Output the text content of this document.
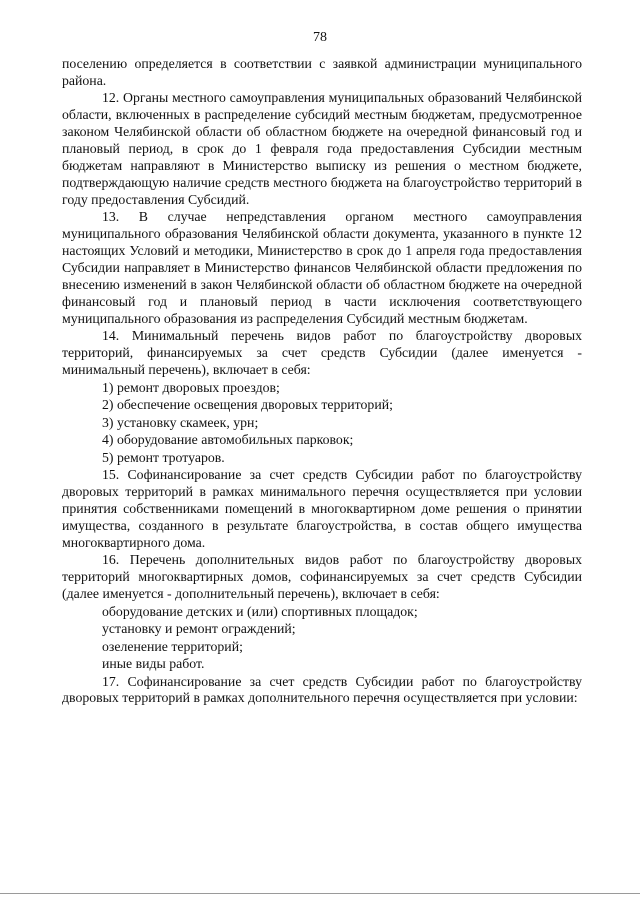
78

поселению определяется в соответствии с заявкой администрации муниципального района.

12. Органы местного самоуправления муниципальных образований Челябинской области, включенных в распределение субсидий местным бюджетам, предусмотренное законом Челябинской области об областном бюджете на очередной финансовый год и плановый период, в срок до 1 февраля года предоставления Субсидии местным бюджетам направляют в Министерство выписку из решения о местном бюджете, подтверждающую наличие средств местного бюджета на благоустройство территорий в году предоставления Субсидий.

13. В случае непредставления органом местного самоуправления муниципального образования Челябинской области документа, указанного в пункте 12 настоящих Условий и методики, Министерство в срок до 1 апреля года предоставления Субсидии направляет в Министерство финансов Челябинской области предложения по внесению изменений в закон Челябинской области об областном бюджете на очередной финансовый год и плановый период в части исключения соответствующего муниципального образования из распределения Субсидий местным бюджетам.

14. Минимальный перечень видов работ по благоустройству дворовых территорий, финансируемых за счет средств Субсидии (далее именуется - минимальный перечень), включает в себя:

1) ремонт дворовых проездов;

2) обеспечение освещения дворовых территорий;

3) установку скамеек, урн;

4) оборудование автомобильных парковок;

5) ремонт тротуаров.

15. Софинансирование за счет средств Субсидии работ по благоустройству дворовых территорий в рамках минимального перечня осуществляется при условии принятия собственниками помещений в многоквартирном доме решения о принятии имущества, созданного в результате благоустройства, в состав общего имущества многоквартирного дома.

16. Перечень дополнительных видов работ по благоустройству дворовых территорий многоквартирных домов, софинансируемых за счет средств Субсидии (далее именуется - дополнительный перечень), включает в себя:

оборудование детских и (или) спортивных площадок;

установку и ремонт ограждений;

озеленение территорий;

иные виды работ.

17. Софинансирование за счет средств Субсидии работ по благоустройству дворовых территорий в рамках дополнительного перечня осуществляется при условии:
